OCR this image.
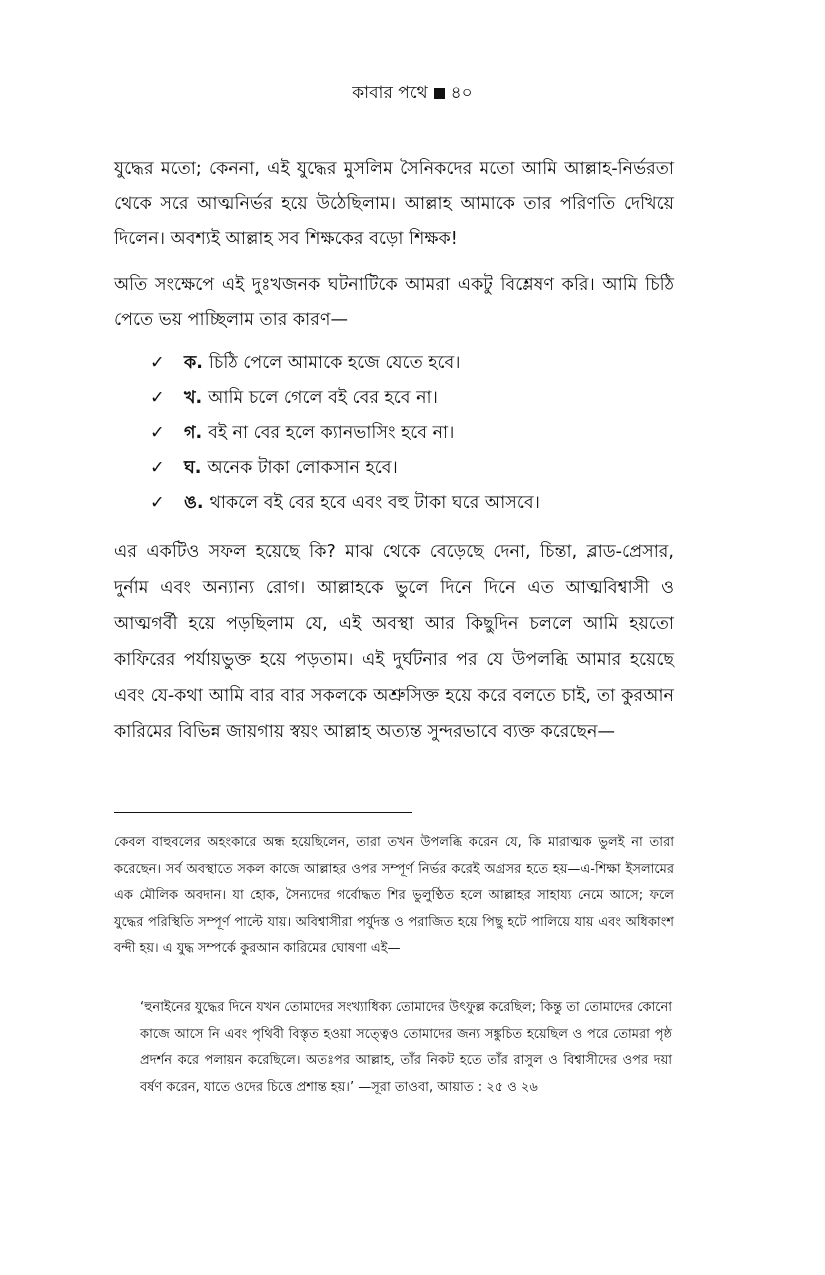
কাবার পথে ৪০
যুদ্ধের মতো; কেননা, এই যুদ্ধের মুসলিম সৈনিকদের মতো আমি আল্লাহ-নির্ভরতা থেকে সরে আত্মনির্ভর হয়ে উঠেছিলাম। আল্লাহ আমাকে তার পরিণতি দেখিয়ে দিলেন। অবশ্যই আল্লাহ সব শিক্ষকের বড়ো শিক্ষক!
অতি সংক্ষেপে এই দুঃখজনক ঘটনাটিকে আমরা একটু বিশ্লেষণ করি। আমি চিঠি পেতে ভয় পাচ্ছিলাম তার কারণ—
✓ ক. চিঠি পেলে আমাকে হজে যেতে হবে।
✓ খ. আমি চলে গেলে বই বের হবে না।
✓ গ. বই না বের হলে ক্যানভাসিং হবে না।
✓ ঘ. অনেক টাকা লোকসান হবে।
✓ ঙ. থাকলে বই বের হবে এবং বহু টাকা ঘরে আসবে।
এর একটিও সফল হয়েছে কি? মাঝ থেকে বেড়েছে দেনা, চিন্তা, ব্লাড-প্রেসার, দুর্নাম এবং অন্যান্য রোগ। আল্লাহকে ভুলে দিনে দিনে এত আত্মবিশ্বাসী ও আত্মগর্বী হয়ে পড়ছিলাম যে, এই অবস্থা আর কিছুদিন চললে আমি হয়তো কাফিরের পর্যায়ভুক্ত হয়ে পড়তাম। এই দুর্ঘটনার পর যে উপলব্ধি আমার হয়েছে এবং যে-কথা আমি বার বার সকলকে অশ্রুসিক্ত হয়ে করে বলতে চাই, তা কুরআন কারিমের বিভিন্ন জায়গায় স্বয়ং আল্লাহ অত্যন্ত সুন্দরভাবে ব্যক্ত করেছেন—
কেবল বাহুবলের অহংকারে অন্ধ হয়েছিলেন, তারা তখন উপলব্ধি করেন যে, কি মারাত্মক ভুলই না তারা করেছেন। সর্ব অবস্থাতে সকল কাজে আল্লাহর ওপর সম্পূর্ণ নির্ভর করেই অগ্রসর হতে হয়—এ-শিক্ষা ইসলামের এক মৌলিক অবদান। যা হোক, সৈন্যদের গর্বোদ্ধত শির ভুলুণ্ঠিত হলে আল্লাহর সাহায্য নেমে আসে; ফলে যুদ্ধের পরিস্থিতি সম্পূর্ণ পাল্টে যায়। অবিশ্বাসীরা পর্যুদস্ত ও পরাজিত হয়ে পিছু হটে পালিয়ে যায় এবং অধিকাংশ বন্দী হয়। এ যুদ্ধ সম্পর্কে কুরআন কারিমের ঘোষণা এই—
‘হুনাইনের যুদ্ধের দিনে যখন তোমাদের সংখ্যাধিক্য তোমাদের উৎফুল্ল করেছিল; কিন্তু তা তোমাদের কোনো কাজে আসে নি এবং পৃথিবী বিস্তৃত হওয়া সত্ত্বেও তোমাদের জন্য সঙ্কুচিত হয়েছিল ও পরে তোমরা পৃষ্ঠ প্রদর্শন করে পলায়ন করেছিলে। অতঃপর আল্লাহ, তাঁর নিকট হতে তাঁর রাসুল ও বিশ্বাসীদের ওপর দয়া বর্ষণ করেন, যাতে ওদের চিত্তে প্রশান্ত হয়।’ —সূরা তাওবা, আয়াত : ২৫ ও ২৬
